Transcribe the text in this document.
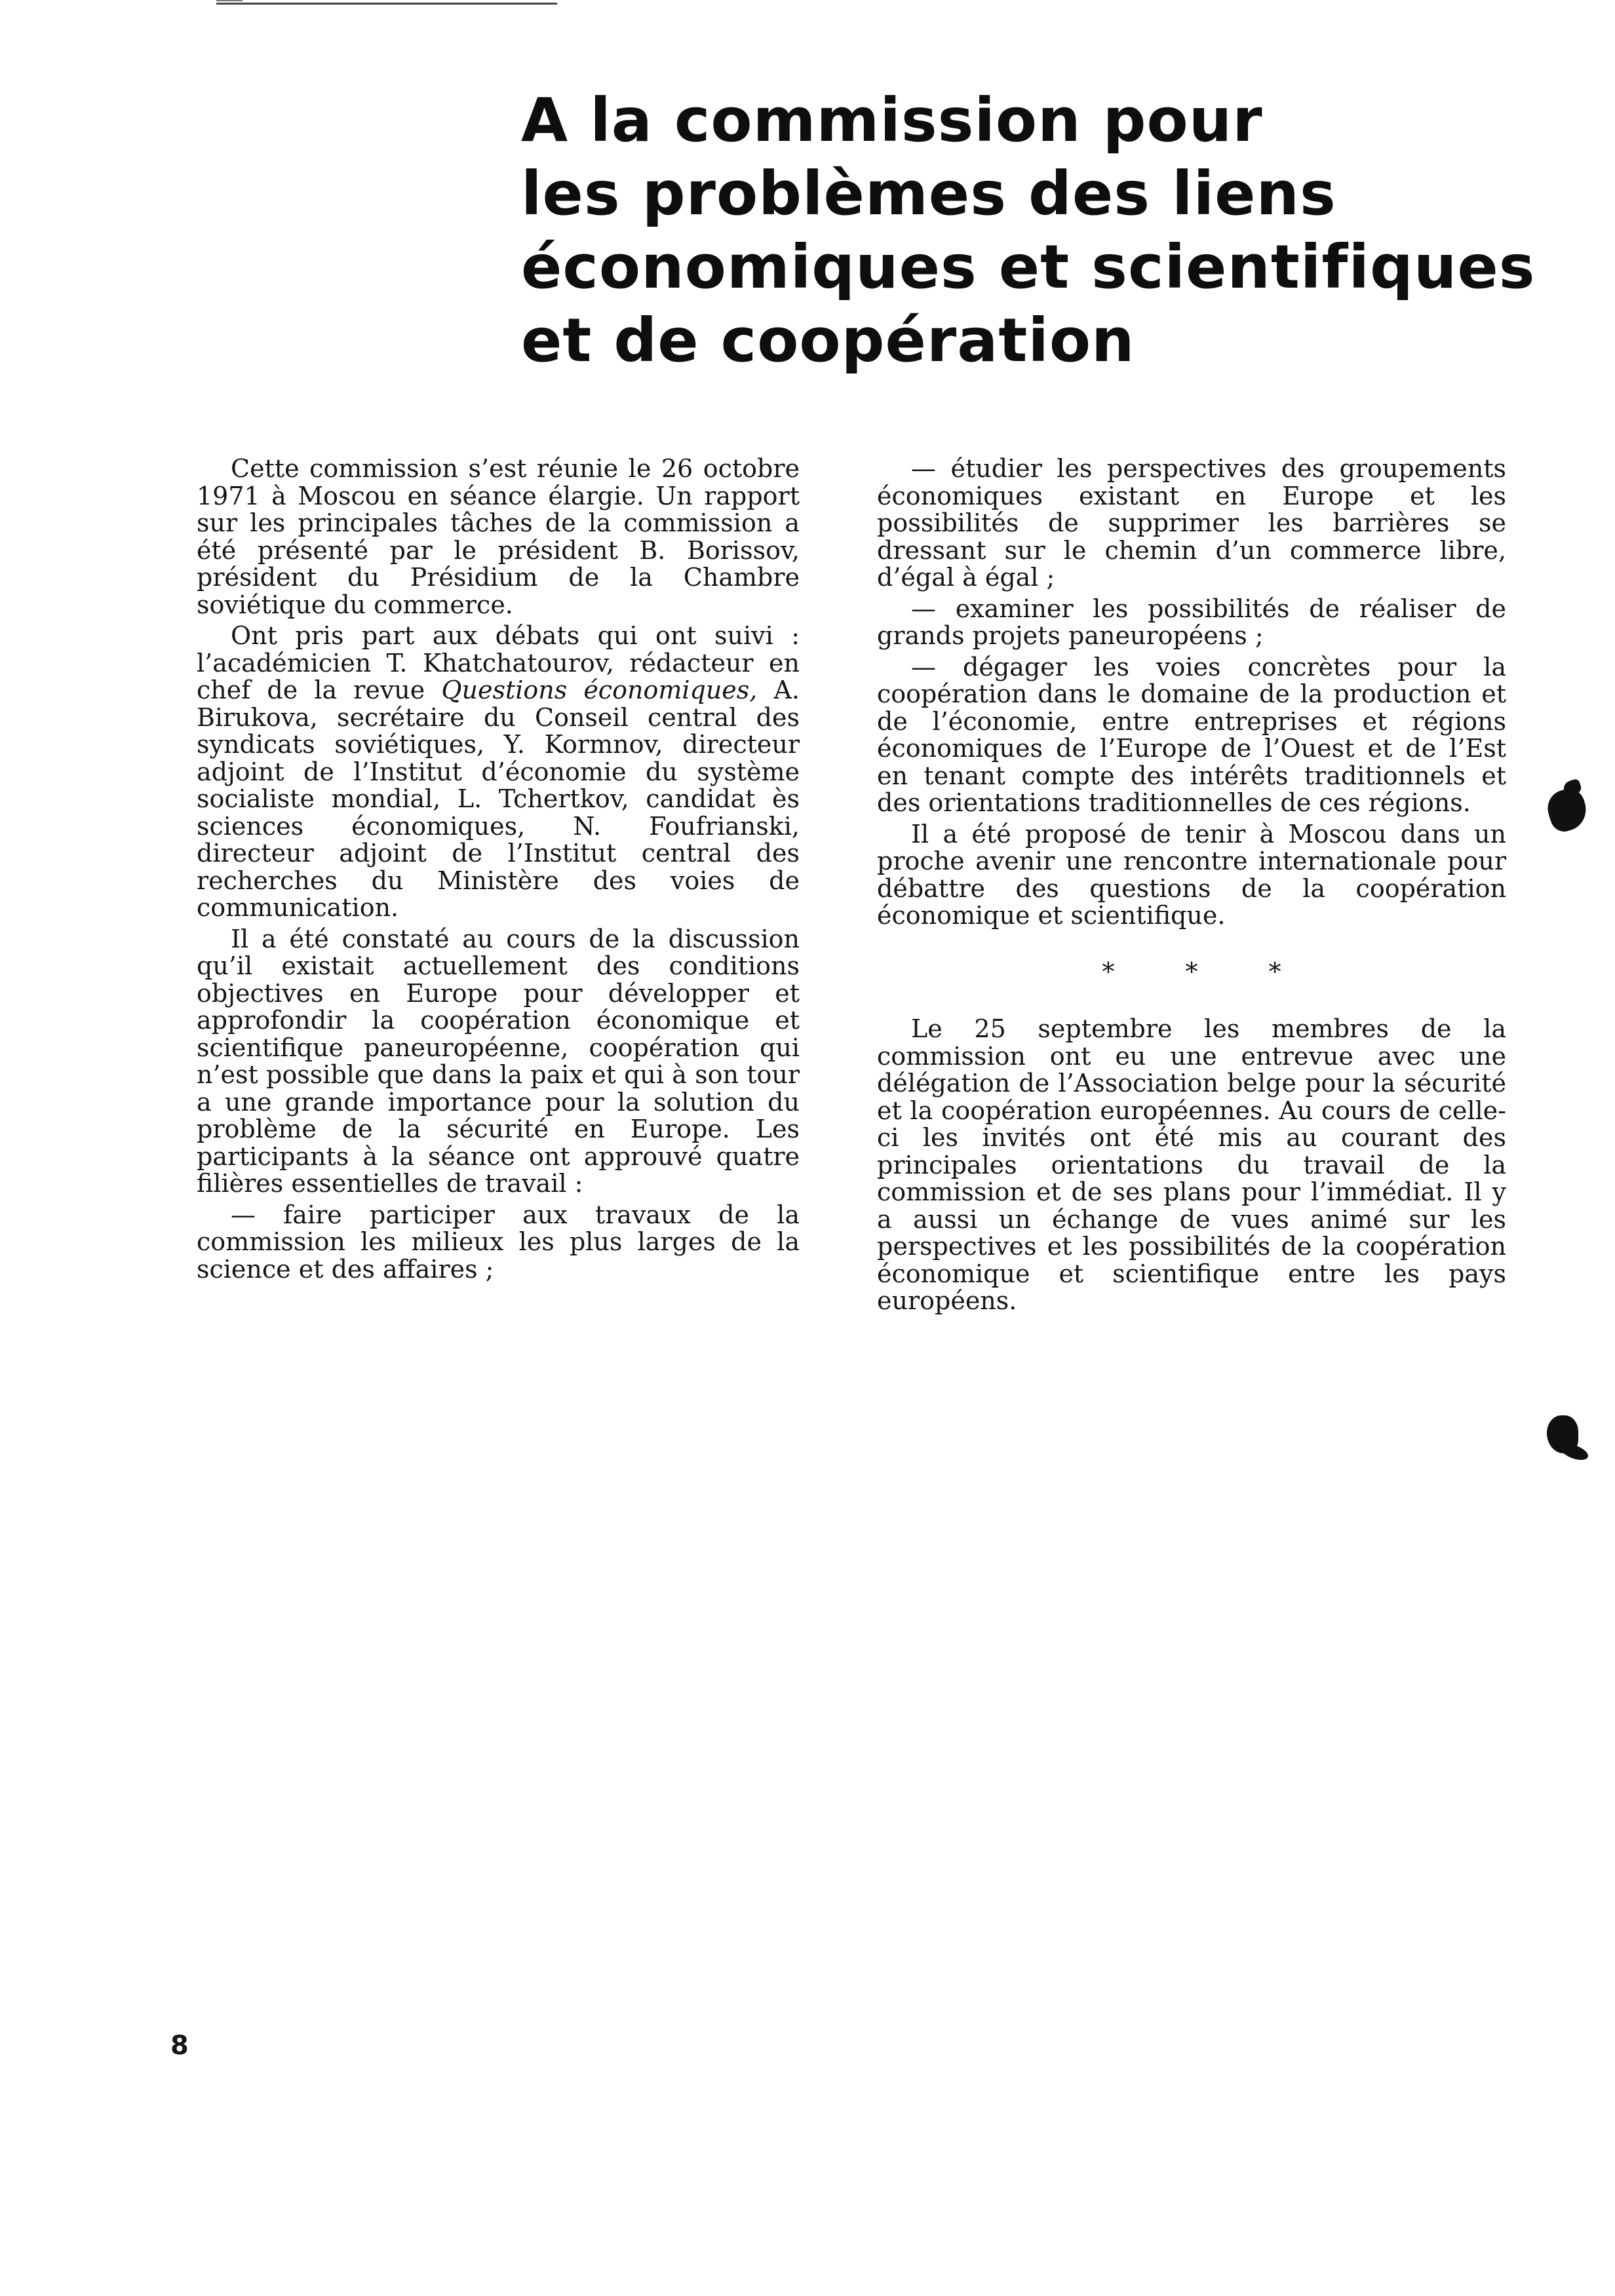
A la commission pour
les problèmes des liens
économiques et scientifiques
et de coopération

Cette commission s’est réunie le 26 octobre 1971 à Moscou en séance élargie. Un rapport sur les principales tâches de la commission a été présenté par le président B. Borissov, président du Présidium de la Chambre soviétique du commerce.

Ont pris part aux débats qui ont suivi : l’académicien T. Khatchatourov, rédacteur en chef de la revue Questions économiques, A. Birukova, secrétaire du Conseil central des syndicats soviétiques, Y. Kormnov, directeur adjoint de l’Institut d’économie du système socialiste mondial, L. Tchertkov, candidat ès sciences économiques, N. Foufrianski, directeur adjoint de l’Institut central des recherches du Ministère des voies de communication.

Il a été constaté au cours de la discussion qu’il existait actuellement des conditions objectives en Europe pour développer et approfondir la coopération économique et scientifique paneuropéenne, coopération qui n’est possible que dans la paix et qui à son tour a une grande importance pour la solution du problème de la sécurité en Europe. Les participants à la séance ont approuvé quatre filières essentielles de travail :

— faire participer aux travaux de la commission les milieux les plus larges de la science et des affaires ;

— étudier les perspectives des groupements économiques existant en Europe et les possibilités de supprimer les barrières se dressant sur le chemin d’un commerce libre, d’égal à égal ;

— examiner les possibilités de réaliser de grands projets paneuropéens ;

— dégager les voies concrètes pour la coopération dans le domaine de la production et de l’économie, entre entreprises et régions économiques de l’Europe de l’Ouest et de l’Est en tenant compte des intérêts traditionnels et des orientations traditionnelles de ces régions.

Il a été proposé de tenir à Moscou dans un proche avenir une rencontre internationale pour débattre des questions de la coopération économique et scientifique.

* * *

Le 25 septembre les membres de la commission ont eu une entrevue avec une délégation de l’Association belge pour la sécurité et la coopération européennes. Au cours de celle-ci les invités ont été mis au courant des principales orientations du travail de la commission et de ses plans pour l’immédiat. Il y a aussi un échange de vues animé sur les perspectives et les possibilités de la coopération économique et scientifique entre les pays européens.

8
